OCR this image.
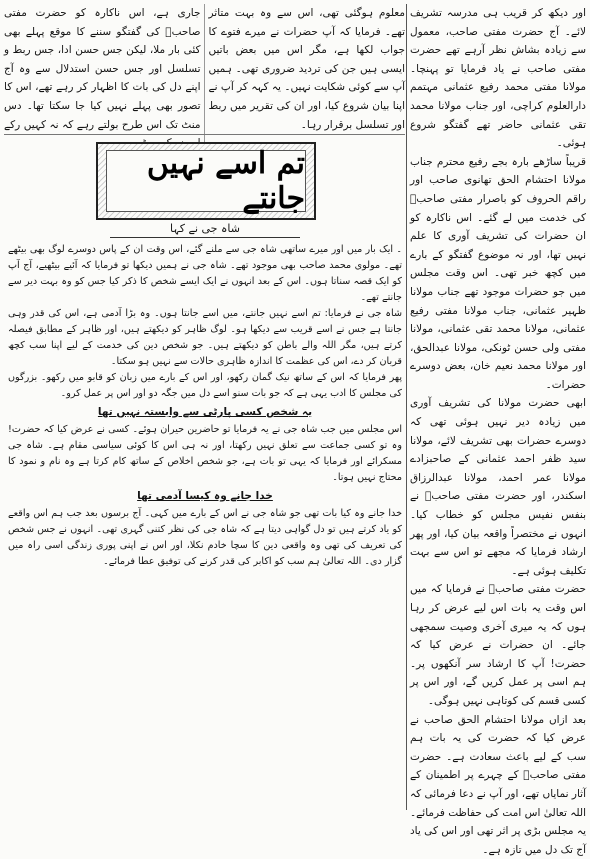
اور دیکھ کر قریب ہی مدرسہ تشریف لائے۔ آج حضرت مفتی صاحب، معمول سے زیادہ بشاش نظر آرہے تھے حضرت مفتی صاحب نے یاد فرمایا تو پہنچا۔ مولانا مفتی محمد رفیع عثمانی مہتمم دارالعلوم کراچی، اور جناب مولانا محمد تقی عثمانی حاضر تھے گفتگو شروع ہوئی۔

قریباً ساڑھے بارہ بجے رفیع محترم جناب مولانا احتشام الحق تھانوی صاحب اور راقم الحروف کو باصرار مفتی صاحبؒ کی خدمت میں لے گئے۔ اس ناکارہ کو ان حضرات کی تشریف آوری کا علم نہیں تھا، اور نہ موضوع گفتگو کے بارے میں کچھ خبر تھی۔ اس وقت مجلس میں جو حضرات موجود تھے جناب مولانا ظہیر عثمانی، جناب مولانا مفتی رفیع عثمانی، مولانا محمد تقی عثمانی، مولانا مفتی ولی حسن ٹونکی، مولانا عبدالحق، اور مولانا محمد نعیم خان، بعض دوسرے حضرات۔

ابھی حضرت مولانا کی تشریف آوری میں زیادہ دیر نہیں ہوئی تھی کہ دوسرے حضرات بھی تشریف لائے، مولانا سید ظفر احمد عثمانی کے صاحبزادے مولانا عمر احمد، مولانا عبدالرزاق اسکندر، اور حضرت مفتی صاحبؒ نے بنفس نفیس مجلس کو خطاب کیا۔ انہوں نے مختصراً واقعہ بیان کیا، اور پھر ارشاد فرمایا کہ مجھے تو اس سے بہت تکلیف ہوئی ہے۔

حضرت مفتی صاحبؒ نے فرمایا کہ میں اس وقت یہ بات اس لیے عرض کر رہا ہوں کہ یہ میری آخری وصیت سمجھی جائے۔ ان حضرات نے عرض کیا کہ حضرت! آپ کا ارشاد سر آنکھوں پر۔ ہم اسی پر عمل کریں گے، اور اس پر کسی قسم کی کوتاہی نہیں ہوگی۔

بعد ازاں مولانا احتشام الحق صاحب نے عرض کیا کہ حضرت کی یہ بات ہم سب کے لیے باعث سعادت ہے۔ حضرت مفتی صاحبؒ کے چہرے پر اطمینان کے آثار نمایاں تھے، اور آپ نے دعا فرمائی کہ اللہ تعالیٰ اس امت کی حفاظت فرمائے۔ یہ مجلس بڑی پر اثر تھی اور اس کی یاد آج تک دل میں تازہ ہے۔

معلوم ہوگئی تھی، اس سے وہ بہت متاثر تھے۔ فرمایا کہ آپ حضرات نے میرے فتوے کا جواب لکھا ہے، مگر اس میں بعض باتیں ایسی ہیں جن کی تردید ضروری تھی۔ ہمیں آپ سے کوئی شکایت نہیں۔ یہ کہہ کر آپ نے اپنا بیان شروع کیا، اور ان کی تقریر میں ربط اور تسلسل برقرار رہا۔

جاری ہے، اس ناکارہ کو حضرت مفتی صاحبؒ کی گفتگو سننے کا موقع پہلے بھی کئی بار ملا، لیکن جس حسن ادا، جس ربط و تسلسل اور جس حسن استدلال سے وہ آج اپنے دل کی بات کا اظہار کر رہے تھے، اس کا تصور بھی پہلے نہیں کیا جا سکتا تھا۔ دس منٹ تک اس طرح بولتے رہے کہ نہ کہیں رکے

تم اسے نہیں جانتے
شاہ جی نے کہا

۔ ایک بار میں اور میرے ساتھی شاہ جی سے ملنے گئے، اس وقت ان کے پاس دوسرے لوگ بھی بیٹھے تھے۔ مولوی محمد صاحب بھی موجود تھے۔ شاہ جی نے ہمیں دیکھا تو فرمایا کہ آئیے بیٹھیے، آج آپ کو ایک قصہ سناتا ہوں۔ اس کے بعد انہوں نے ایک ایسے شخص کا ذکر کیا جس کو وہ بہت دیر سے جانتے تھے۔

شاہ جی نے فرمایا: تم اسے نہیں جانتے، میں اسے جانتا ہوں۔ وہ بڑا آدمی ہے، اس کی قدر وہی جانتا ہے جس نے اسے قریب سے دیکھا ہو۔ لوگ ظاہر کو دیکھتے ہیں، اور ظاہر کے مطابق فیصلہ کرتے ہیں، مگر اللہ والے باطن کو دیکھتے ہیں۔ جو شخص دین کی خدمت کے لیے اپنا سب کچھ قربان کر دے، اس کی عظمت کا اندازہ ظاہری حالات سے نہیں ہو سکتا۔

پھر فرمایا کہ اس کے ساتھ نیک گمان رکھو، اور اس کے بارے میں زبان کو قابو میں رکھو۔ بزرگوں کی مجلس کا ادب یہی ہے کہ جو بات سنو اسے دل میں جگہ دو اور اس پر عمل کرو۔

یہ شخص کسی پارٹی سے وابستہ نہیں تھا

اس مجلس میں جب شاہ جی نے یہ فرمایا تو حاضرین حیران ہوئے۔ کسی نے عرض کیا کہ حضرت! وہ تو کسی جماعت سے تعلق نہیں رکھتا، اور نہ ہی اس کا کوئی سیاسی مقام ہے۔ شاہ جی مسکرائے اور فرمایا کہ یہی تو بات ہے، جو شخص اخلاص کے ساتھ کام کرتا ہے وہ نام و نمود کا محتاج نہیں ہوتا۔

خدا جانے وہ کیسا آدمی تھا

خدا جانے وہ کیا بات تھی جو شاہ جی نے اس کے بارے میں کہی۔ آج برسوں بعد جب ہم اس واقعے کو یاد کرتے ہیں تو دل گواہی دیتا ہے کہ شاہ جی کی نظر کتنی گہری تھی۔ انہوں نے جس شخص کی تعریف کی تھی وہ واقعی دین کا سچا خادم نکلا، اور اس نے اپنی پوری زندگی اسی راہ میں گزار دی۔ اللہ تعالیٰ ہم سب کو اکابر کی قدر کرنے کی توفیق عطا فرمائے۔
